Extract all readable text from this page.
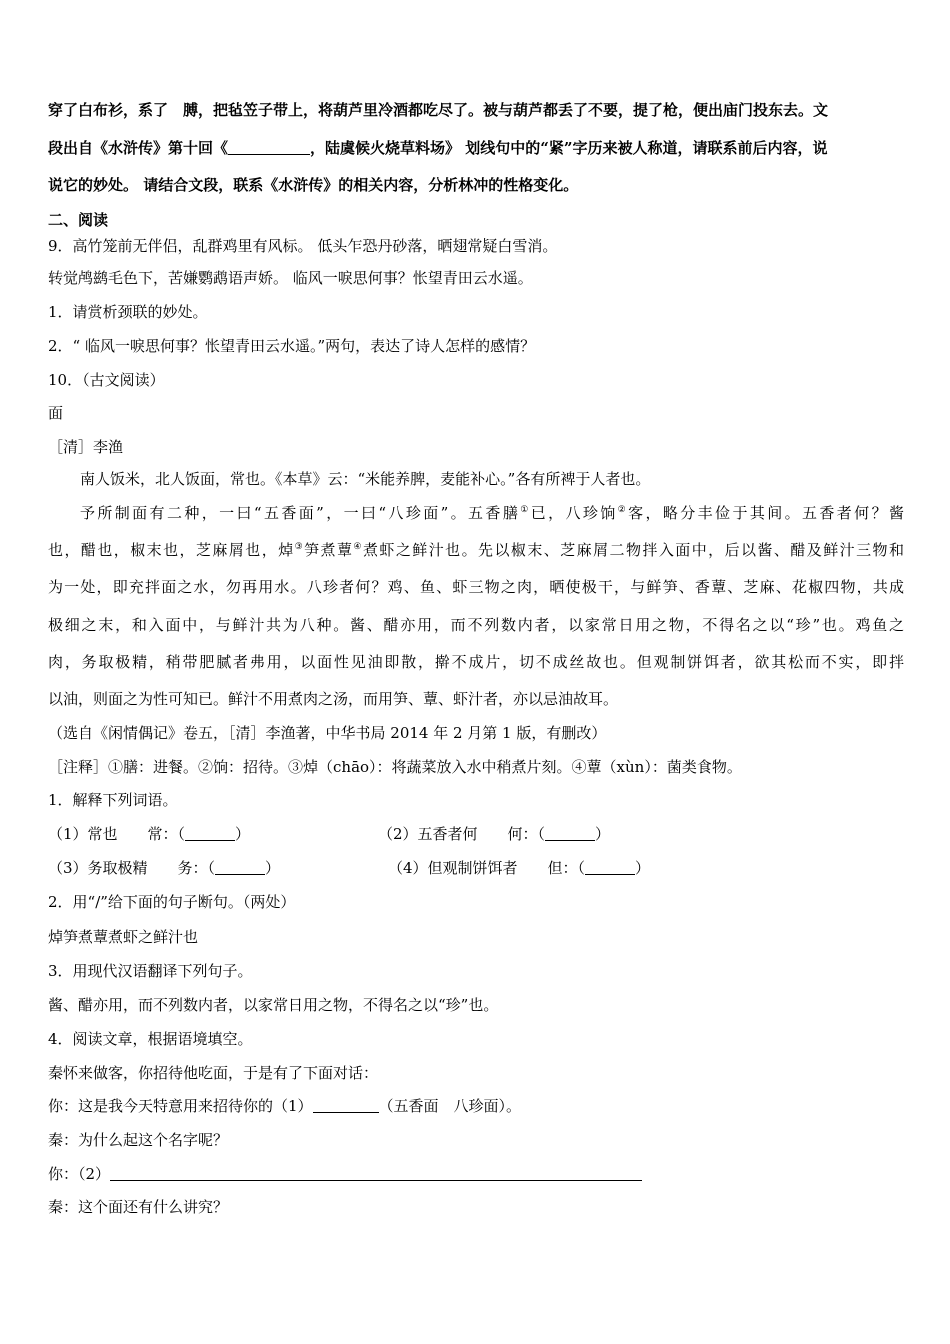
穿了白布衫，系了　膊，把毡笠子带上，将葫芦里冷酒都吃尽了。被与葫芦都丢了不要，提了枪，便出庙门投东去。文
段出自《水浒传》第十回《	，陆虞候火烧草料场》 划线句中的“紧”字历来被人称道，请联系前后内容，说
说它的妙处。 请结合文段，联系《水浒传》的相关内容，分析林冲的性格变化。
二、阅读
9．高竹笼前无伴侣，乱群鸡里有风标。 低头乍恐丹砂落，晒翅常疑白雪消。
转觉鸬鹚毛色下，苦嫌鹦鹉语声娇。 临风一唳思何事？怅望青田云水遥。
1．请赏析颈联的妙处。
2．“ 临风一唳思何事？怅望青田云水遥。”两句，表达了诗人怎样的感情？
10．（古文阅读）
面
［清］李渔
南人饭米，北人饭面，常也。《本草》云：“米能养脾，麦能补心。”各有所裨于人者也。
予所制面有二种，一曰“五香面”，一曰“八珍面”。五香膳①已，八珍饷②客，略分丰俭于其间。五香者何？酱
也，醋也，椒末也，芝麻屑也，焯③笋煮蕈④煮虾之鲜汁也。先以椒末、芝麻屑二物拌入面中，后以酱、醋及鲜汁三物和
为一处，即充拌面之水，勿再用水。八珍者何？鸡、鱼、虾三物之肉，晒使极干，与鲜笋、香蕈、芝麻、花椒四物，共成
极细之末，和入面中，与鲜汁共为八种。酱、醋亦用，而不列数内者，以家常日用之物，不得名之以“珍”也。鸡鱼之
肉，务取极精，稍带肥腻者弗用，以面性见油即散，擀不成片，切不成丝故也。但观制饼饵者，欲其松而不实，即拌
以油，则面之为性可知已。鲜汁不用煮肉之汤，而用笋、蕈、虾汁者，亦以忌油故耳。
（选自《闲情偶记》卷五，［清］李渔著，中华书局 2014 年 2 月第 1 版，有删改）
［注释］①膳：进餐。②饷：招待。③焯（chāo）：将蔬菜放入水中稍煮片刻。④蕈（xùn）：菌类食物。
1．解释下列词语。
（1）常也　　常：（	）	（2）五香者何　　何：（	）
（3）务取极精　　务：（	）	（4）但观制饼饵者　　但：（	）
2．用“/”给下面的句子断句。（两处）
焯笋煮蕈煮虾之鲜汁也
3．用现代汉语翻译下列句子。
酱、醋亦用，而不列数内者，以家常日用之物，不得名之以“珍”也。
4．阅读文章，根据语境填空。
秦怀来做客，你招待他吃面，于是有了下面对话：
你：这是我今天特意用来招待你的（1）	（五香面　八珍面）。
秦：为什么起这个名字呢？
你：（2）
秦：这个面还有什么讲究？
